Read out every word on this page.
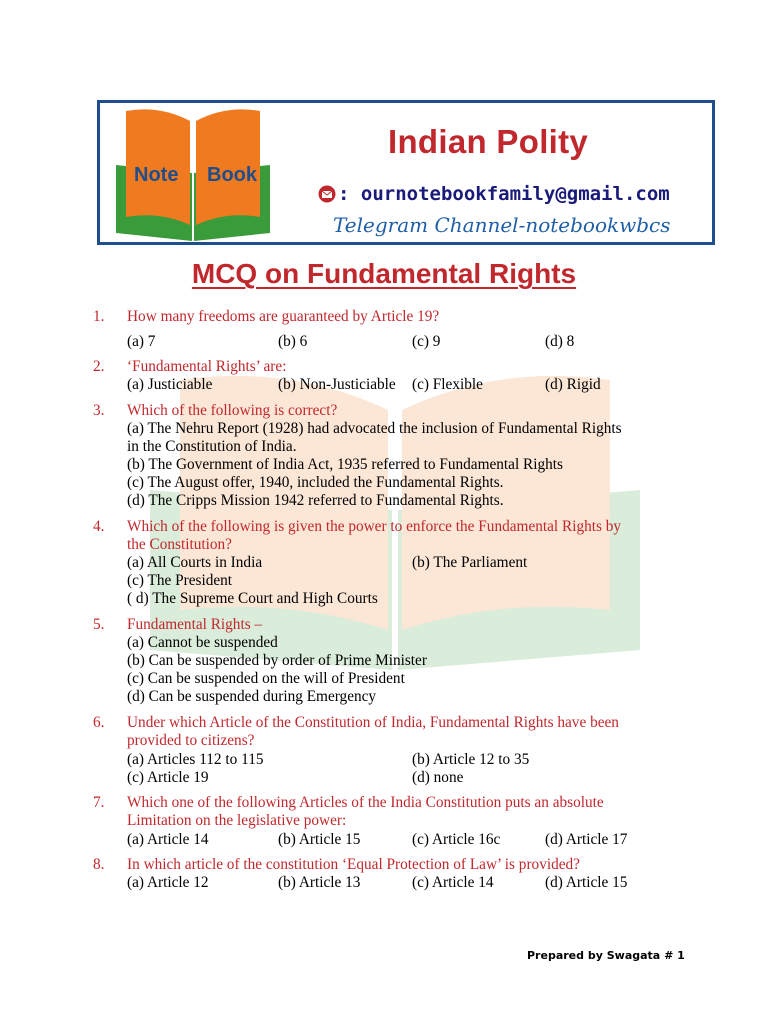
Note Book
Indian Polity
: ournotebookfamily@gmail.com
Telegram Channel-notebookwbcs
MCQ on Fundamental Rights
1. How many freedoms are guaranteed by Article 19?
(a) 7	(b) 6	(c) 9	(d) 8
2. ‘Fundamental Rights’ are:
(a) Justiciable	(b) Non-Justiciable (c) Flexible	(d) Rigid
3. Which of the following is correct?
(a) The Nehru Report (1928) had advocated the inclusion of Fundamental Rights
in the Constitution of India.
(b) The Government of India Act, 1935 referred to Fundamental Rights
(c) The August offer, 1940, included the Fundamental Rights.
(d) The Cripps Mission 1942 referred to Fundamental Rights.
4. Which of the following is given the power to enforce the Fundamental Rights by
the Constitution?
(a) All Courts in India	(b) The Parliament
(c) The President
( d) The Supreme Court and High Courts
5. Fundamental Rights –
(a) Cannot be suspended
(b) Can be suspended by order of Prime Minister
(c) Can be suspended on the will of President
(d) Can be suspended during Emergency
6. Under which Article of the Constitution of India, Fundamental Rights have been
provided to citizens?
(a) Articles 112 to 115	(b) Article 12 to 35
(c) Article 19	(d) none
7. Which one of the following Articles of the India Constitution puts an absolute
Limitation on the legislative power:
(a) Article 14	(b) Article 15	(c) Article 16c	(d) Article 17
8. In which article of the constitution ‘Equal Protection of Law’ is provided?
(a) Article 12	(b) Article 13	(c) Article 14	(d) Article 15
Prepared by Swagata # 1
